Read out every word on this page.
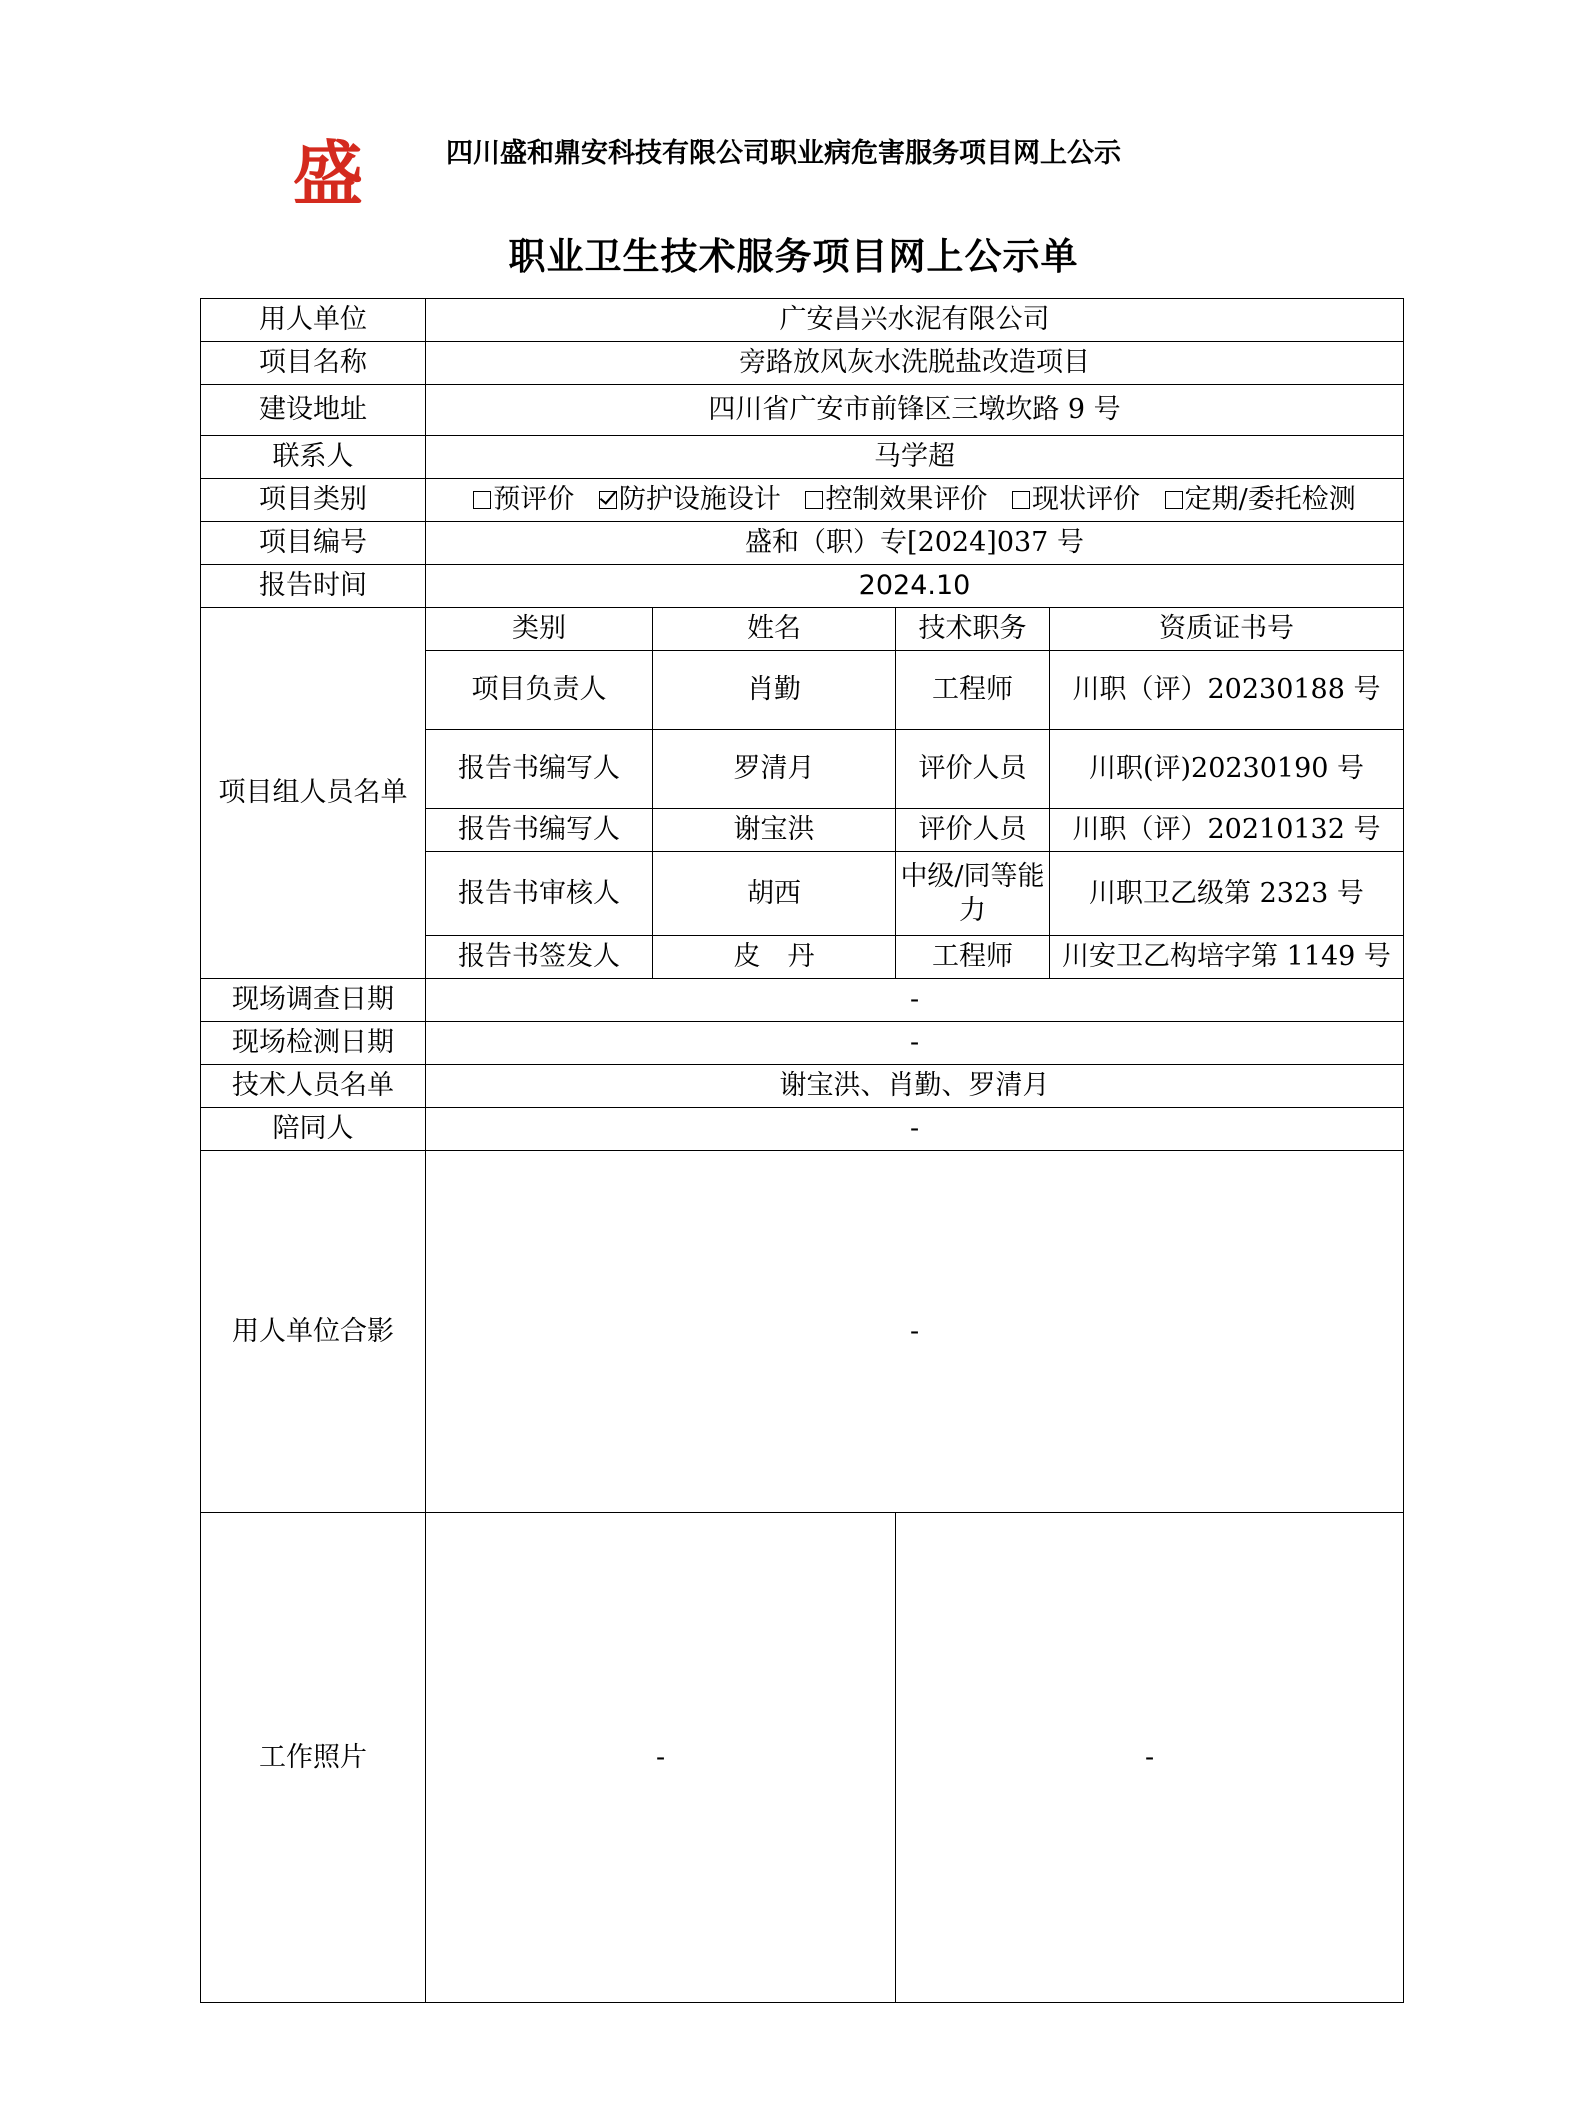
盛	四川盛和鼎安科技有限公司职业病危害服务项目网上公示
职业卫生技术服务项目网上公示单
用人单位	广安昌兴水泥有限公司			
项目名称	旁路放风灰水洗脱盐改造项目			
建设地址	四川省广安市前锋区三墩坎路 9 号			
联系人	马学超			
项目类别	预评价 防护设施设计 控制效果评价 现状评价 定期/委托检测			
项目编号	盛和（职）专[2024]037 号			
报告时间	2024.10			
项目组人员名单	类别	姓名	技术职务	资质证书号
	项目负责人	肖勤	工程师	川职（评）20230188 号
	报告书编写人	罗清月	评价人员	川职(评)20230190 号
	报告书编写人	谢宝洪	评价人员	川职（评）20210132 号
	报告书审核人	胡西	中级/同等能力	川职卫乙级第 2323 号
	报告书签发人	皮　丹	工程师	川安卫乙构培字第 1149 号
现场调查日期	-			
现场检测日期	-			
技术人员名单	谢宝洪、肖勤、罗清月			
陪同人	-			
用人单位合影	-			
工作照片	-		-	
